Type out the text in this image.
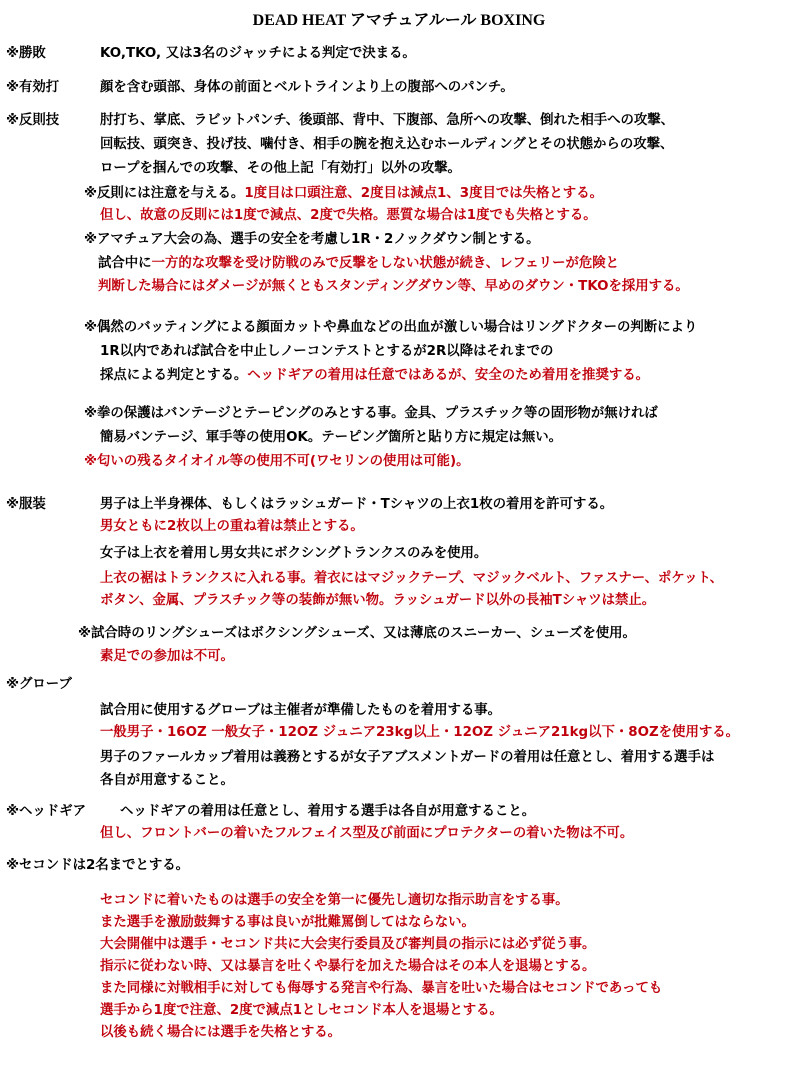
DEAD HEAT アマチュアルール BOXING
※勝敗	KO,TKO, 又は3名のジャッチによる判定で決まる。
※有効打	顔を含む頭部、身体の前面とベルトラインより上の腹部へのパンチ。
※反則技	肘打ち、掌底、ラビットパンチ、後頭部、背中、下腹部、急所への攻撃、倒れた相手への攻撃、
回転技、頭突き、投げ技、噛付き、相手の腕を抱え込むホールディングとその状態からの攻撃、
ロープを掴んでの攻撃、その他上記「有効打」以外の攻撃。
※反則には注意を与える。1度目は口頭注意、2度目は減点1、3度目では失格とする。
但し、故意の反則には1度で減点、2度で失格。悪質な場合は1度でも失格とする。
※アマチュア大会の為、選手の安全を考慮し1R・2ノックダウン制とする。
試合中に一方的な攻撃を受け防戦のみで反撃をしない状態が続き、レフェリーが危険と
判断した場合にはダメージが無くともスタンディングダウン等、早めのダウン・TKOを採用する。
※偶然のバッティングによる顔面カットや鼻血などの出血が激しい場合はリングドクターの判断により
1R以内であれば試合を中止しノーコンテストとするが2R以降はそれまでの
採点による判定とする。ヘッドギアの着用は任意ではあるが、安全のため着用を推奨する。
※拳の保護はバンテージとテーピングのみとする事。金具、プラスチック等の固形物が無ければ
簡易バンテージ、軍手等の使用OK。テーピング箇所と貼り方に規定は無い。
※匂いの残るタイオイル等の使用不可(ワセリンの使用は可能)。
※服装	男子は上半身裸体、もしくはラッシュガード・Tシャツの上衣1枚の着用を許可する。
男女ともに2枚以上の重ね着は禁止とする。
女子は上衣を着用し男女共にボクシングトランクスのみを使用。
上衣の裾はトランクスに入れる事。着衣にはマジックテープ、マジックベルト、ファスナー、ポケット、
ボタン、金属、プラスチック等の装飾が無い物。ラッシュガード以外の長袖Tシャツは禁止。
※試合時のリングシューズはボクシングシューズ、又は薄底のスニーカー、シューズを使用。
素足での参加は不可。
※グローブ
試合用に使用するグローブは主催者が準備したものを着用する事。
一般男子・16OZ 一般女子・12OZ ジュニア23kg以上・12OZ ジュニア21kg以下・8OZを使用する。
男子のファールカップ着用は義務とするが女子アブスメントガードの着用は任意とし、着用する選手は
各自が用意すること。
※ヘッドギア	ヘッドギアの着用は任意とし、着用する選手は各自が用意すること。
但し、フロントバーの着いたフルフェイス型及び前面にプロテクターの着いた物は不可。
※セコンドは2名までとする。
セコンドに着いたものは選手の安全を第一に優先し適切な指示助言をする事。
また選手を激励鼓舞する事は良いが批難罵倒してはならない。
大会開催中は選手・セコンド共に大会実行委員及び審判員の指示には必ず従う事。
指示に従わない時、又は暴言を吐くや暴行を加えた場合はその本人を退場とする。
また同様に対戦相手に対しても侮辱する発言や行為、暴言を吐いた場合はセコンドであっても
選手から1度で注意、2度で減点1としセコンド本人を退場とする。
以後も続く場合には選手を失格とする。
